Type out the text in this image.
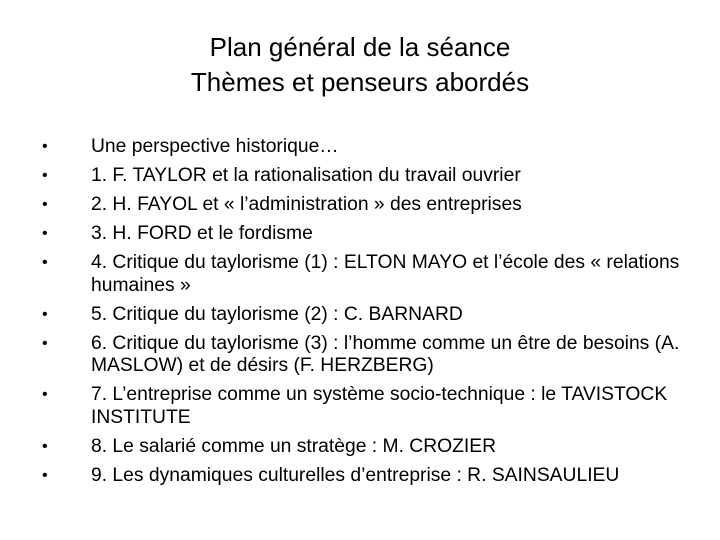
Plan général de la séance
Thèmes et penseurs abordés
•	Une perspective historique…
•	1. F. TAYLOR et la rationalisation du travail ouvrier
•	2. H. FAYOL et « l’administration » des entreprises
•	3. H. FORD et le fordisme
•	4. Critique du taylorisme (1) : ELTON MAYO et l’école des « relations humaines »
•	5. Critique du taylorisme (2) : C. BARNARD
•	6. Critique du taylorisme (3) : l’homme comme un être de besoins (A. MASLOW) et de désirs (F. HERZBERG)
•	7. L’entreprise comme un système socio-technique : le TAVISTOCK INSTITUTE
•	8. Le salarié comme un stratège : M. CROZIER
•	9. Les dynamiques culturelles d’entreprise : R. SAINSAULIEU
